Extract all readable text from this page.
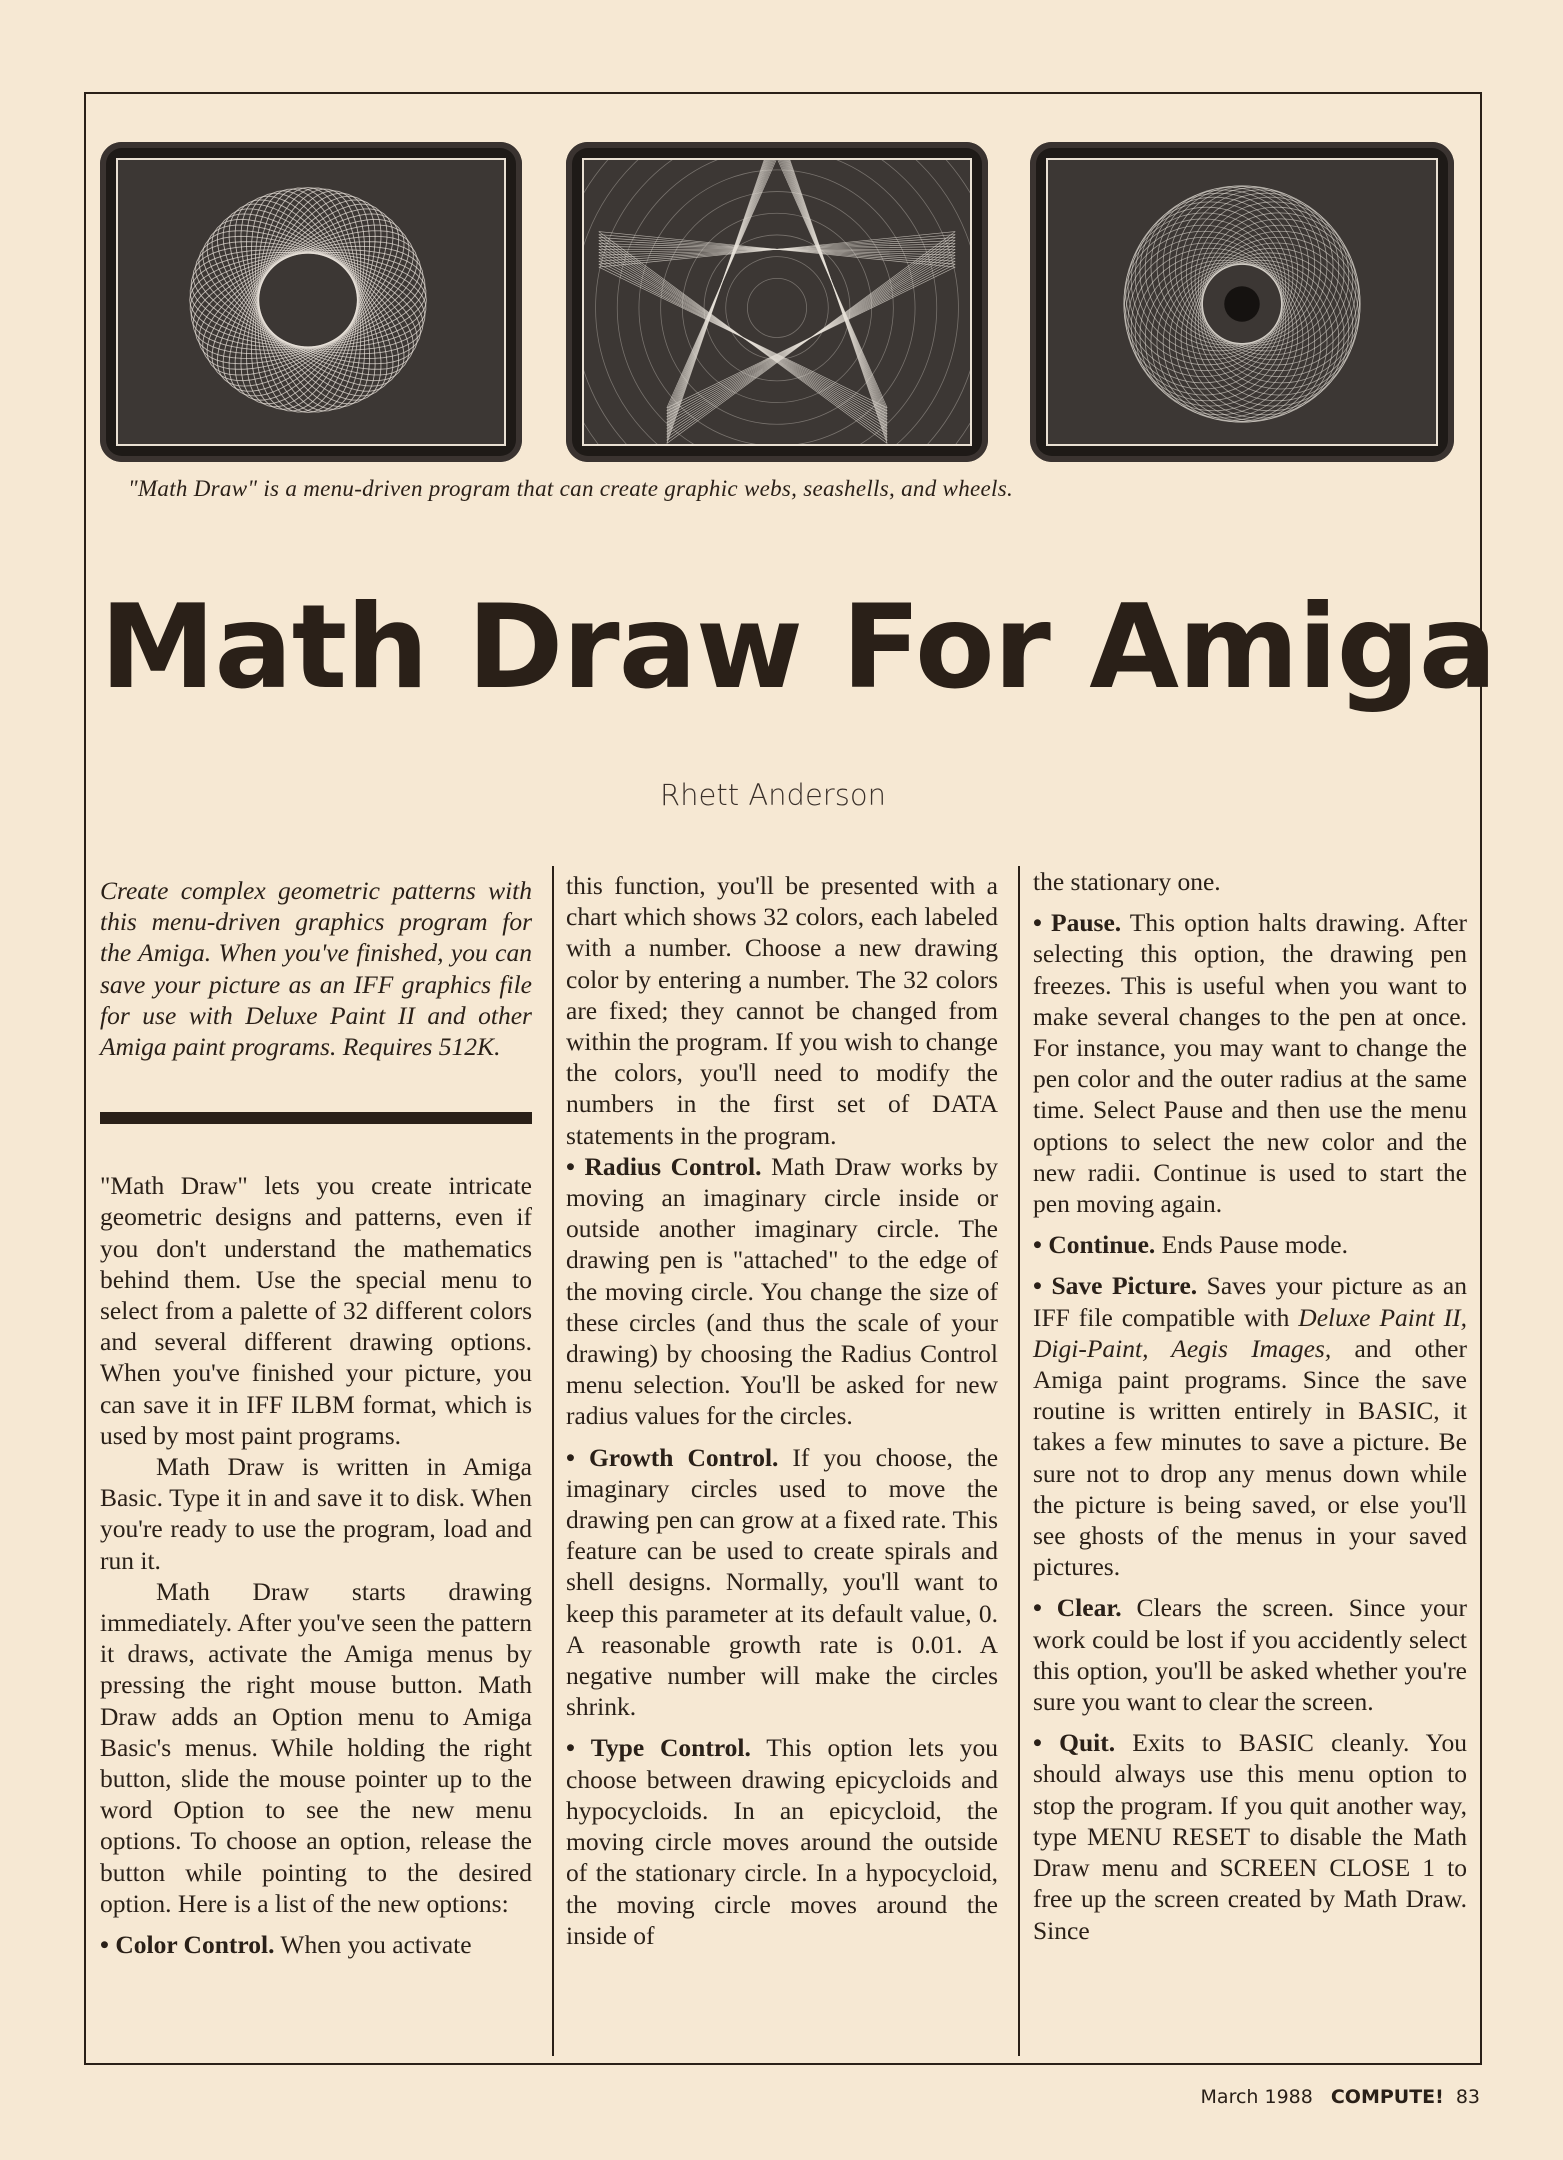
"Math Draw" is a menu-driven program that can create graphic webs, seashells, and wheels.
Math Draw For Amiga
Rhett Anderson

Create complex geometric patterns with this menu-driven graphics program for the Amiga. When you've finished, you can save your picture as an IFF graphics file for use with Deluxe Paint II and other Amiga paint programs. Requires 512K.

"Math Draw" lets you create intricate geometric designs and patterns, even if you don't understand the mathematics behind them. Use the special menu to select from a palette of 32 different colors and several different drawing options. When you've finished your picture, you can save it in IFF ILBM format, which is used by most paint programs.

Math Draw is written in Amiga Basic. Type it in and save it to disk. When you're ready to use the program, load and run it.

Math Draw starts drawing immediately. After you've seen the pattern it draws, activate the Amiga menus by pressing the right mouse button. Math Draw adds an Option menu to Amiga Basic's menus. While holding the right button, slide the mouse pointer up to the word Option to see the new menu options. To choose an option, release the button while pointing to the desired option. Here is a list of the new options:

• Color Control. When you activate

this function, you'll be presented with a chart which shows 32 colors, each labeled with a number. Choose a new drawing color by entering a number. The 32 colors are fixed; they cannot be changed from within the program. If you wish to change the colors, you'll need to modify the numbers in the first set of DATA statements in the program.

• Radius Control. Math Draw works by moving an imaginary circle inside or outside another imaginary circle. The drawing pen is "attached" to the edge of the moving circle. You change the size of these circles (and thus the scale of your drawing) by choosing the Radius Control menu selection. You'll be asked for new radius values for the circles.

• Growth Control. If you choose, the imaginary circles used to move the drawing pen can grow at a fixed rate. This feature can be used to create spirals and shell designs. Normally, you'll want to keep this parameter at its default value, 0. A reasonable growth rate is 0.01. A negative number will make the circles shrink.

• Type Control. This option lets you choose between drawing epicycloids and hypocycloids. In an epicycloid, the moving circle moves around the outside of the stationary circle. In a hypocycloid, the moving circle moves around the inside of

the stationary one.

• Pause. This option halts drawing. After selecting this option, the drawing pen freezes. This is useful when you want to make several changes to the pen at once. For instance, you may want to change the pen color and the outer radius at the same time. Select Pause and then use the menu options to select the new color and the new radii. Continue is used to start the pen moving again.

• Continue. Ends Pause mode.

• Save Picture. Saves your picture as an IFF file compatible with Deluxe Paint II, Digi-Paint, Aegis Images, and other Amiga paint programs. Since the save routine is written entirely in BASIC, it takes a few minutes to save a picture. Be sure not to drop any menus down while the picture is being saved, or else you'll see ghosts of the menus in your saved pictures.

• Clear. Clears the screen. Since your work could be lost if you accidently select this option, you'll be asked whether you're sure you want to clear the screen.

• Quit. Exits to BASIC cleanly. You should always use this menu option to stop the program. If you quit another way, type MENU RESET to disable the Math Draw menu and SCREEN CLOSE 1 to free up the screen created by Math Draw. Since

March 1988 COMPUTE! 83
